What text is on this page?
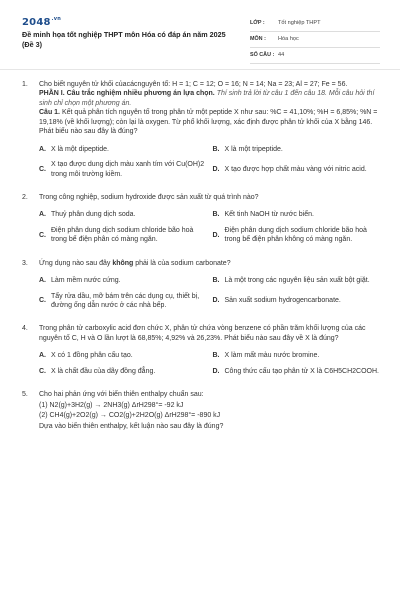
$2048^{.vn}$
Đề minh họa tốt nghiệp THPT môn Hóa có đáp án năm 2025 (Đề 3)
LỚP :	Tốt nghiệp THPT
MÔN :	Hóa học
SỐ CÂU : 44
1.	Cho biết nguyên tử khối củacácnguyên tố: H = 1; C = 12; O = 16; N = 14; Na = 23; Al = 27; Fe = 56.
PHẦN I. Câu trắc nghiệm nhiều phương án lựa chọn. Thí sinh trả lời từ câu 1 đến câu 18. Mỗi câu hỏi thí sinh chỉ chọn một phương án.
Câu 1. Kết quả phân tích nguyên tố trong phân tử một peptide X như sau: %C = 41,10%; %H = 6,85%; %N = 19,18% (về khối lượng); còn lại là oxygen. Từ phổ khối lượng, xác định được phân tử khối của X bằng 146. Phát biểu nào sau đây là đúng?
A. X là một dipeptide.	B. X là một tripeptide.
C.
X tạo được dung dịch màu xanh tím với Cu(OH)2 trong môi trường kiềm.
D. X tạo được hợp chất màu vàng với nitric acid.
2.	Trong công nghiệp, sodium hydroxide được sản xuất từ quá trình nào?
A. Thuỷ phân dung dịch soda.	B. Kết tinh NaOH từ nước biển.
C.
Điện phân dung dịch sodium chloride bão hoà trong bể điện phân có màng ngăn.
D.
Điện phân dung dịch sodium chloride bão hoà trong bể điện phân không có màng ngăn.
3.	Ứng dụng nào sau đây không phải là của sodium carbonate?
A. Làm mềm nước cứng.	B. Là một trong các nguyên liệu sản xuất bột giặt.
C.
Tẩy rửa dầu, mỡ bám trên các dụng cụ, thiết bị, đường ống dẫn nước ở các nhà bếp.
D. Sản xuất sodium hydrogencarbonate.
4.	Trong phân tử carboxylic acid đơn chức X, phân tử chứa vòng benzene có phần trăm khối lượng của các nguyên tố C, H và O lần lượt là 68,85%; 4,92% và 26,23%. Phát biểu nào sau đây về X là đúng?
A. X có 1 đồng phân cấu tạo.	B. X làm mất màu nước bromine.
C. X là chất đầu của dãy đồng đẳng.	D. Công thức cấu tạo phân tử X là C6H5CH2COOH.
5.	Cho hai phản ứng với biến thiên enthalpy chuẩn sau:
(1) N2(g)+3H2(g) → 2NH3(g) ΔrH298°= -92 kJ
(2) CH4(g)+2O2(g) → CO2(g)+2H2O(g) ΔrH298°= -890 kJ
Dựa vào biến thiên enthalpy, kết luận nào sau đây là đúng?
